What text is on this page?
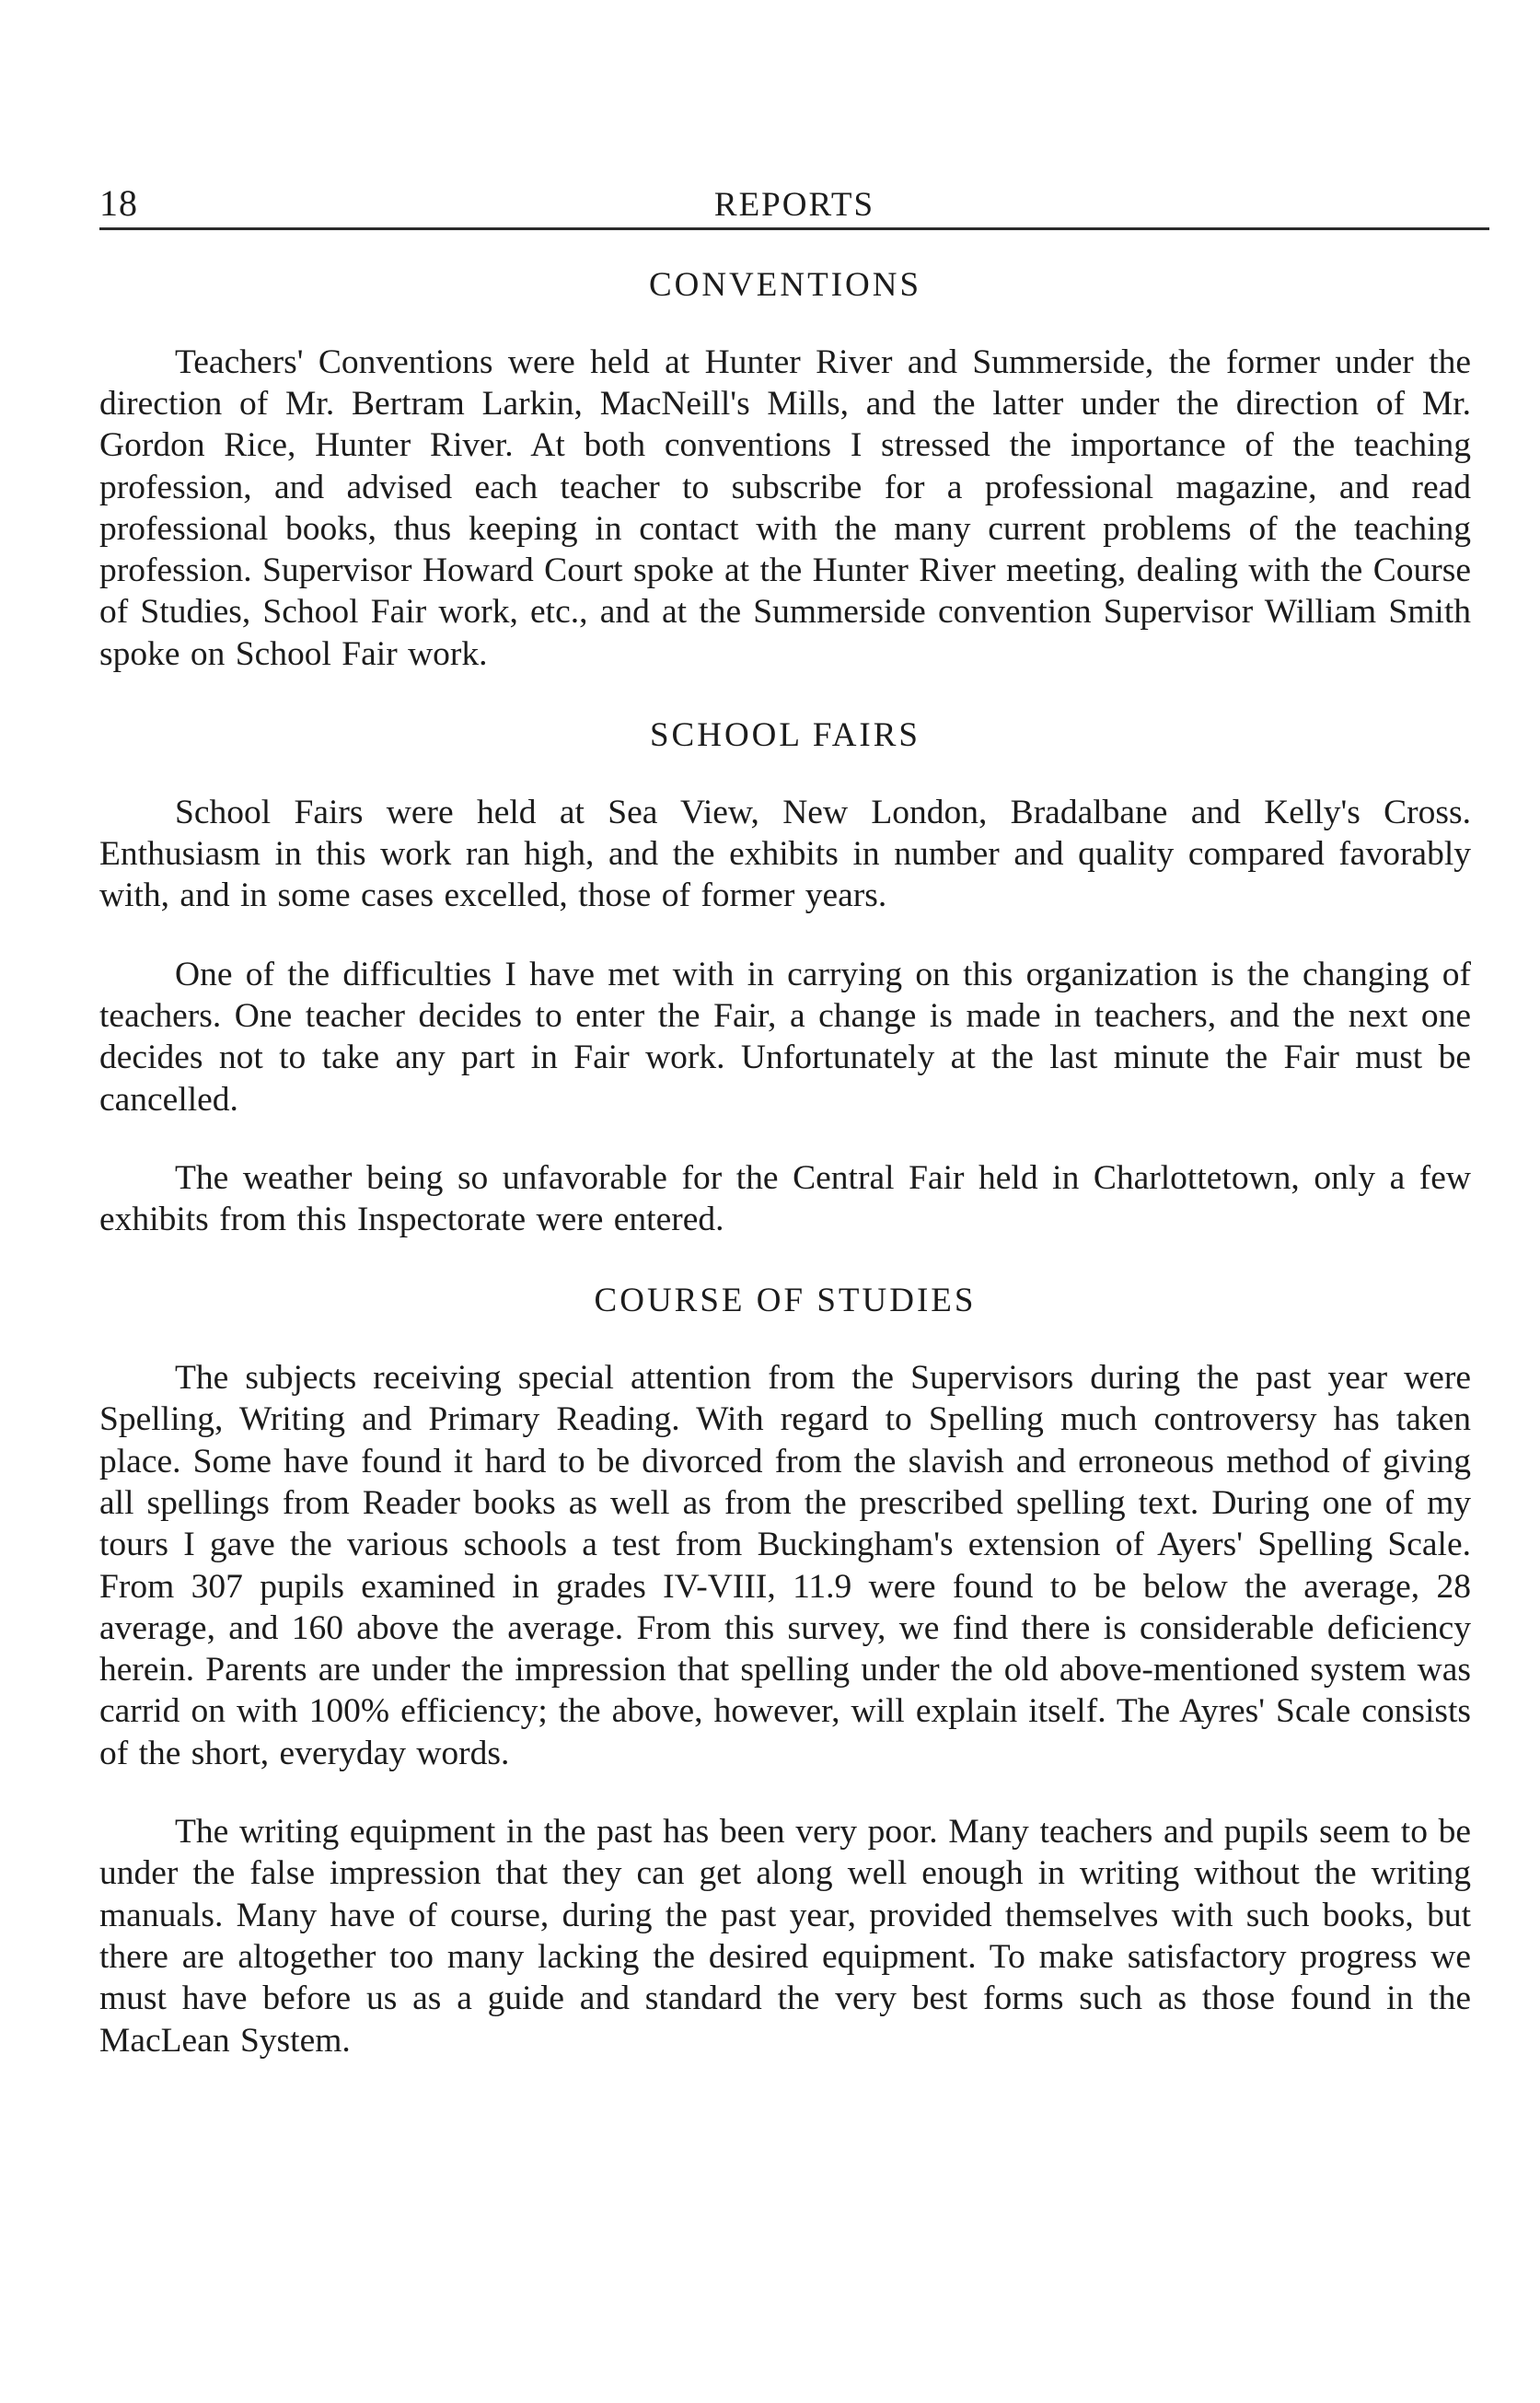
18	REPORTS
CONVENTIONS

Teachers' Conventions were held at Hunter River and Summerside, the former under the direction of Mr. Bertram Larkin, MacNeill's Mills, and the latter under the direction of Mr. Gordon Rice, Hunter River. At both conventions I stressed the importance of the teaching profession, and advised each teacher to subscribe for a professional magazine, and read professional books, thus keeping in contact with the many current problems of the teaching profession. Supervisor Howard Court spoke at the Hunter River meeting, dealing with the Course of Studies, School Fair work, etc., and at the Summerside convention Supervisor William Smith spoke on School Fair work.

SCHOOL FAIRS

School Fairs were held at Sea View, New London, Bradalbane and Kelly's Cross. Enthusiasm in this work ran high, and the exhibits in number and quality compared favorably with, and in some cases excelled, those of former years.

One of the difficulties I have met with in carrying on this organization is the changing of teachers. One teacher decides to enter the Fair, a change is made in teachers, and the next one decides not to take any part in Fair work. Unfortunately at the last minute the Fair must be cancelled.

The weather being so unfavorable for the Central Fair held in Charlottetown, only a few exhibits from this Inspectorate were entered.

COURSE OF STUDIES

The subjects receiving special attention from the Supervisors during the past year were Spelling, Writing and Primary Reading. With regard to Spelling much controversy has taken place. Some have found it hard to be divorced from the slavish and erroneous method of giving all spellings from Reader books as well as from the prescribed spelling text. During one of my tours I gave the various schools a test from Buckingham's extension of Ayers' Spelling Scale. From 307 pupils examined in grades IV-VIII, 11.9 were found to be below the average, 28 average, and 160 above the average. From this survey, we find there is considerable deficiency herein. Parents are under the impression that spelling under the old above-mentioned system was carrid on with 100% efficiency; the above, however, will explain itself. The Ayres' Scale consists of the short, everyday words.

The writing equipment in the past has been very poor. Many teachers and pupils seem to be under the false impression that they can get along well enough in writing without the writing manuals. Many have of course, during the past year, provided themselves with such books, but there are altogether too many lacking the desired equipment. To make satisfactory progress we must have before us as a guide and standard the very best forms such as those found in the MacLean System.
